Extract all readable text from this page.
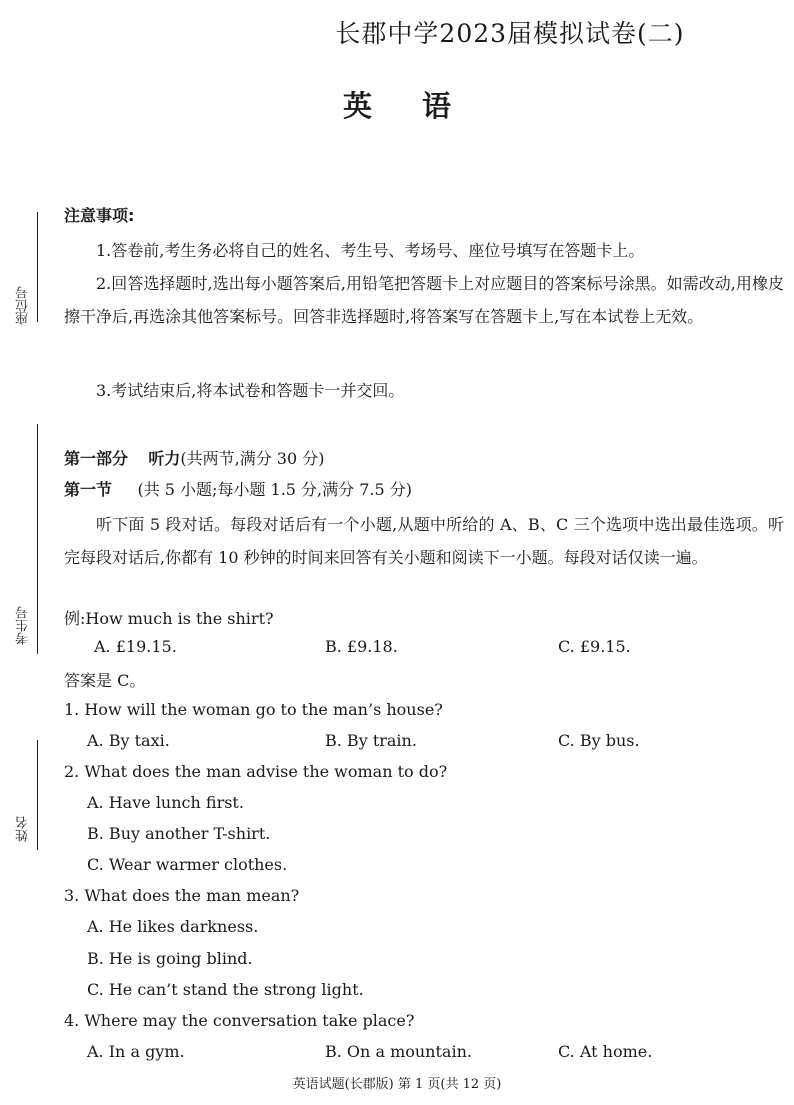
长郡中学2023届模拟试卷(二)
英 语
座位号
考生号
姓名
注意事项:
1.答卷前,考生务必将自己的姓名、考生号、考场号、座位号填写在答题卡上。
2.回答选择题时,选出每小题答案后,用铅笔把答题卡上对应题目的答案标号涂黑。如需改动,用橡皮擦干净后,再选涂其他答案标号。回答非选择题时,将答案写在答题卡上,写在本试卷上无效。
3.考试结束后,将本试卷和答题卡一并交回。
第一部分 听力(共两节,满分 30 分)
第一节 (共 5 小题;每小题 1.5 分,满分 7.5 分)
听下面 5 段对话。每段对话后有一个小题,从题中所给的 A、B、C 三个选项中选出最佳选项。听完每段对话后,你都有 10 秒钟的时间来回答有关小题和阅读下一小题。每段对话仅读一遍。
例:How much is the shirt?
A. £19.15.	B. £9.18.	C. £9.15.
答案是 C。
1. How will the woman go to the man’s house?
A. By taxi.	B. By train.	C. By bus.
2. What does the man advise the woman to do?
A. Have lunch first.
B. Buy another T-shirt.
C. Wear warmer clothes.
3. What does the man mean?
A. He likes darkness.
B. He is going blind.
C. He can’t stand the strong light.
4. Where may the conversation take place?
A. In a gym.	B. On a mountain.	C. At home.
英语试题(长郡版) 第 1 页(共 12 页)
